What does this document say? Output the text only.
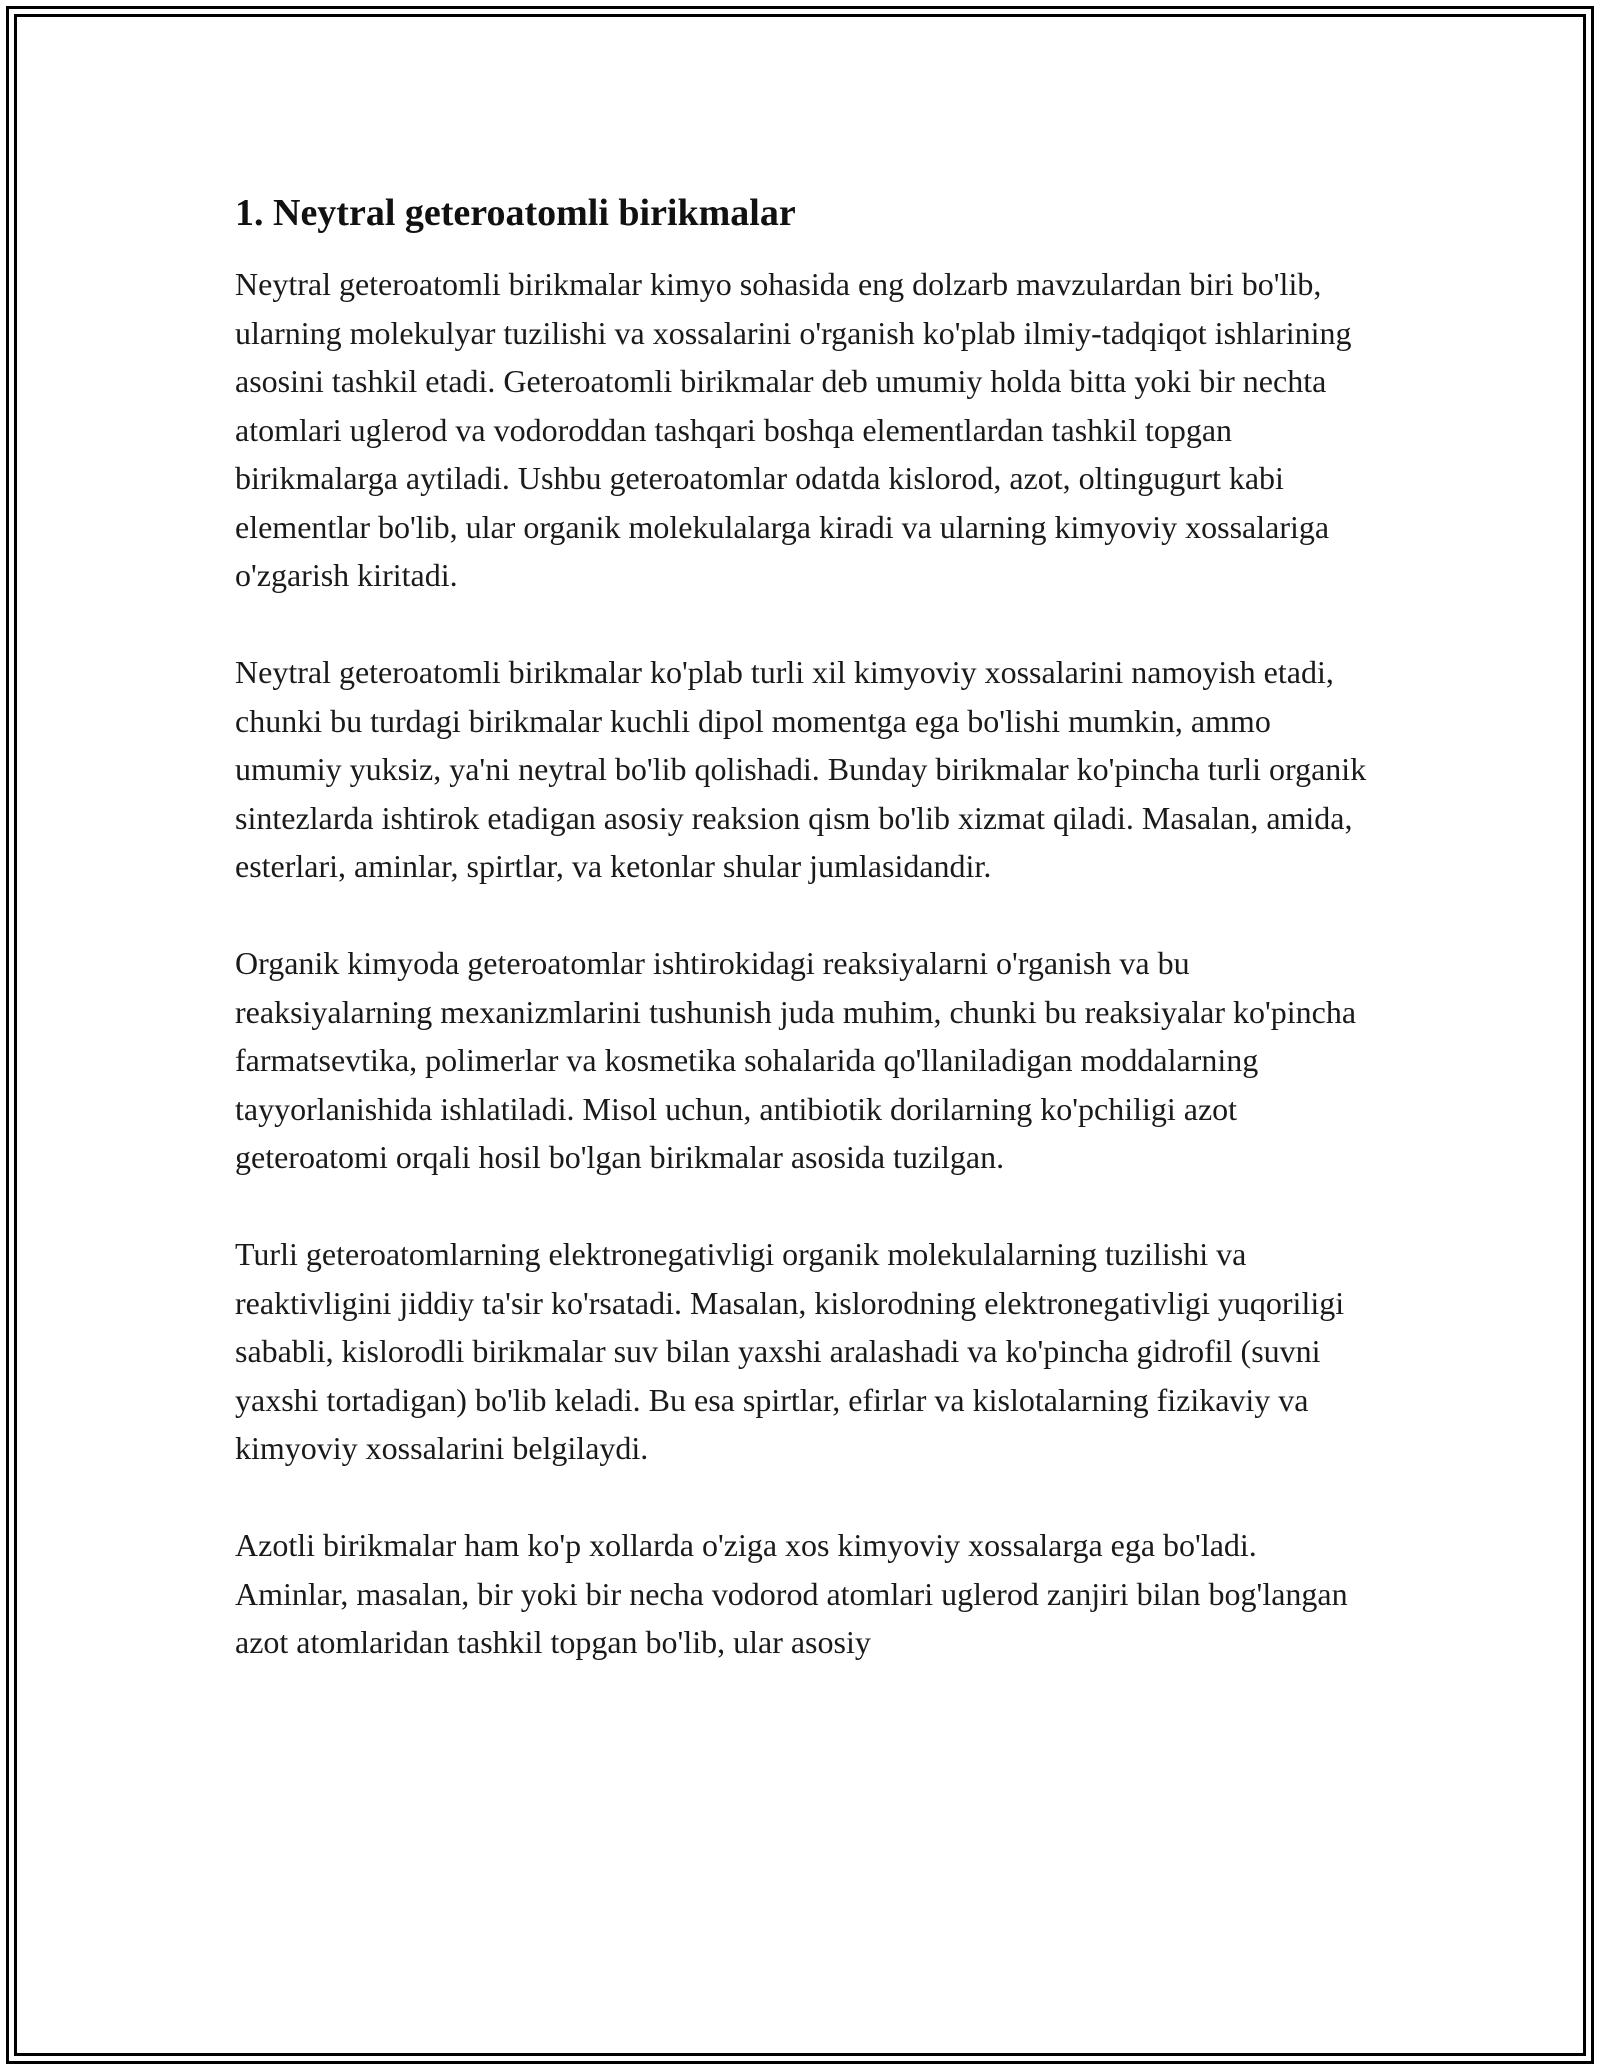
1. Neytral geteroatomli birikmalar

Neytral geteroatomli birikmalar kimyo sohasida eng dolzarb mavzulardan biri bo'lib, ularning molekulyar tuzilishi va xossalarini o'rganish ko'plab ilmiy-tadqiqot ishlarining asosini tashkil etadi. Geteroatomli birikmalar deb umumiy holda bitta yoki bir nechta atomlari uglerod va vodoroddan tashqari boshqa elementlardan tashkil topgan birikmalarga aytiladi. Ushbu geteroatomlar odatda kislorod, azot, oltingugurt kabi elementlar bo'lib, ular organik molekulalarga kiradi va ularning kimyoviy xossalariga o'zgarish kiritadi.

Neytral geteroatomli birikmalar ko'plab turli xil kimyoviy xossalarini namoyish etadi, chunki bu turdagi birikmalar kuchli dipol momentga ega bo'lishi mumkin, ammo umumiy yuksiz, ya'ni neytral bo'lib qolishadi. Bunday birikmalar ko'pincha turli organik sintezlarda ishtirok etadigan asosiy reaksion qism bo'lib xizmat qiladi. Masalan, amida, esterlari, aminlar, spirtlar, va ketonlar shular jumlasidandir.

Organik kimyoda geteroatomlar ishtirokidagi reaksiyalarni o'rganish va bu reaksiyalarning mexanizmlarini tushunish juda muhim, chunki bu reaksiyalar ko'pincha farmatsevtika, polimerlar va kosmetika sohalarida qo'llaniladigan moddalarning tayyorlanishida ishlatiladi. Misol uchun, antibiotik dorilarning ko'pchiligi azot geteroatomi orqali hosil bo'lgan birikmalar asosida tuzilgan.

Turli geteroatomlarning elektronegativligi organik molekulalarning tuzilishi va reaktivligini jiddiy ta'sir ko'rsatadi. Masalan, kislorodning elektronegativligi yuqoriligi sababli, kislorodli birikmalar suv bilan yaxshi aralashadi va ko'pincha gidrofil (suvni yaxshi tortadigan) bo'lib keladi. Bu esa spirtlar, efirlar va kislotalarning fizikaviy va kimyoviy xossalarini belgilaydi.

Azotli birikmalar ham ko'p xollarda o'ziga xos kimyoviy xossalarga ega bo'ladi. Aminlar, masalan, bir yoki bir necha vodorod atomlari uglerod zanjiri bilan bog'langan azot atomlaridan tashkil topgan bo'lib, ular asosiy
